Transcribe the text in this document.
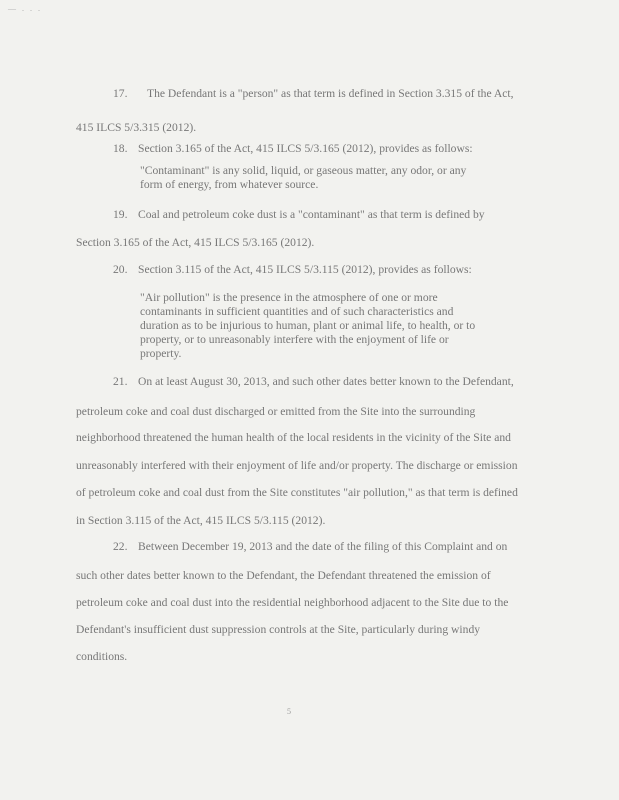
— . . .
17. The Defendant is a "person" as that term is defined in Section 3.315 of the Act,
415 ILCS 5/3.315 (2012).
18. Section 3.165 of the Act, 415 ILCS 5/3.165 (2012), provides as follows:
"Contaminant" is any solid, liquid, or gaseous matter, any odor, or any
form of energy, from whatever source.
19. Coal and petroleum coke dust is a "contaminant" as that term is defined by
Section 3.165 of the Act, 415 ILCS 5/3.165 (2012).
20. Section 3.115 of the Act, 415 ILCS 5/3.115 (2012), provides as follows:
"Air pollution" is the presence in the atmosphere of one or more
contaminants in sufficient quantities and of such characteristics and
duration as to be injurious to human, plant or animal life, to health, or to
property, or to unreasonably interfere with the enjoyment of life or
property.
21. On at least August 30, 2013, and such other dates better known to the Defendant,
petroleum coke and coal dust discharged or emitted from the Site into the surrounding
neighborhood threatened the human health of the local residents in the vicinity of the Site and
unreasonably interfered with their enjoyment of life and/or property. The discharge or emission
of petroleum coke and coal dust from the Site constitutes "air pollution," as that term is defined
in Section 3.115 of the Act, 415 ILCS 5/3.115 (2012).
22. Between December 19, 2013 and the date of the filing of this Complaint and on
such other dates better known to the Defendant, the Defendant threatened the emission of
petroleum coke and coal dust into the residential neighborhood adjacent to the Site due to the
Defendant's insufficient dust suppression controls at the Site, particularly during windy
conditions.
5
